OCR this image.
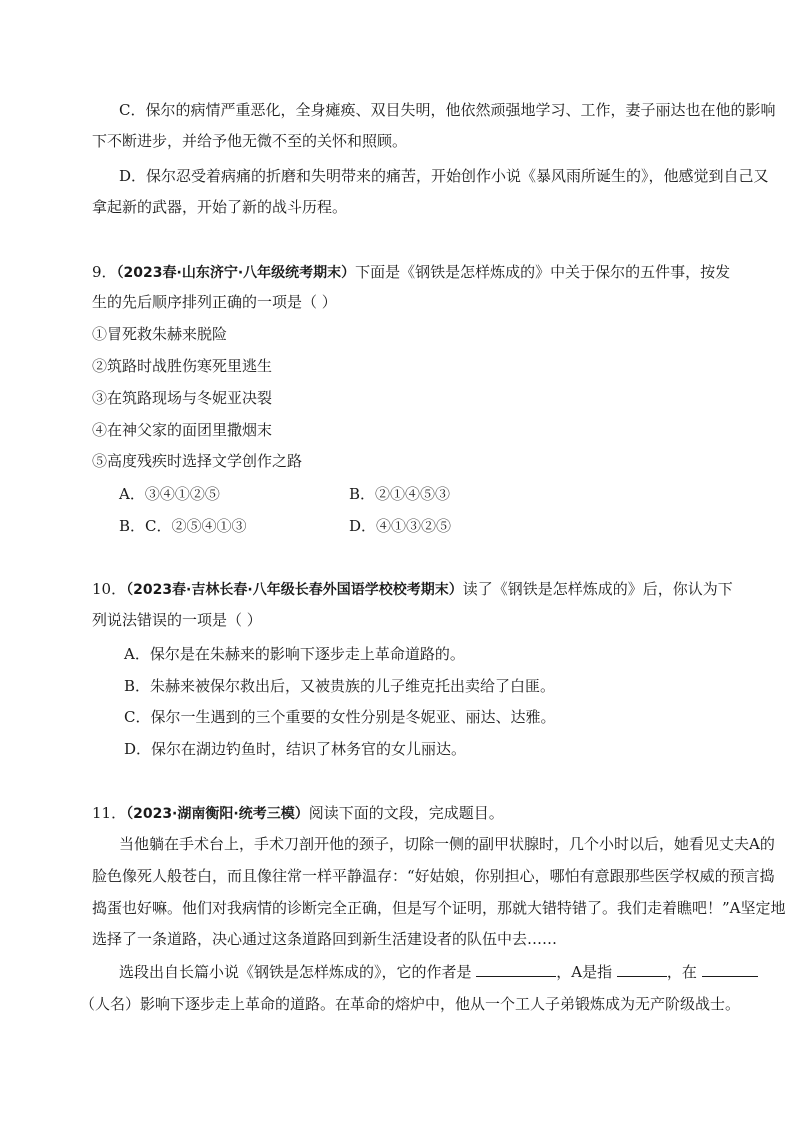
C．保尔的病情严重恶化，全身瘫痪、双目失明，他依然顽强地学习、工作，妻子丽达也在他的影响
下不断进步，并给予他无微不至的关怀和照顾。
D．保尔忍受着病痛的折磨和失明带来的痛苦，开始创作小说《暴风雨所诞生的》，他感觉到自己又
拿起新的武器，开始了新的战斗历程。
9．（2023春·山东济宁·八年级统考期末）下面是《钢铁是怎样炼成的》中关于保尔的五件事，按发
生的先后顺序排列正确的一项是（ ）
①冒死救朱赫来脱险
②筑路时战胜伤寒死里逃生
③在筑路现场与冬妮亚决裂
④在神父家的面团里撒烟末
⑤高度残疾时选择文学创作之路
A．③④①②⑤	B．②①④⑤③
B．C．②⑤④①③	D．④①③②⑤
10．（2023春·吉林长春·八年级长春外国语学校校考期末）读了《钢铁是怎样炼成的》后，你认为下
列说法错误的一项是（ ）
A．保尔是在朱赫来的影响下逐步走上革命道路的。
B．朱赫来被保尔救出后，又被贵族的儿子维克托出卖给了白匪。
C．保尔一生遇到的三个重要的女性分别是冬妮亚、丽达、达雅。
D．保尔在湖边钓鱼时，结识了林务官的女儿丽达。
11．（2023·湖南衡阳·统考三模）阅读下面的文段，完成题目。
当他躺在手术台上，手术刀剖开他的颈子，切除一侧的副甲状腺时，几个小时以后，她看见丈夫A的
脸色像死人般苍白，而且像往常一样平静温存：“好姑娘，你别担心，哪怕有意跟那些医学权威的预言捣
捣蛋也好嘛。他们对我病情的诊断完全正确，但是写个证明，那就大错特错了。我们走着瞧吧！”A坚定地
选择了一条道路，决心通过这条道路回到新生活建设者的队伍中去……
选段出自长篇小说《钢铁是怎样炼成的》，它的作者是	，A是指	，在
（人名）影响下逐步走上革命的道路。在革命的熔炉中，他从一个工人子弟锻炼成为无产阶级战士。
